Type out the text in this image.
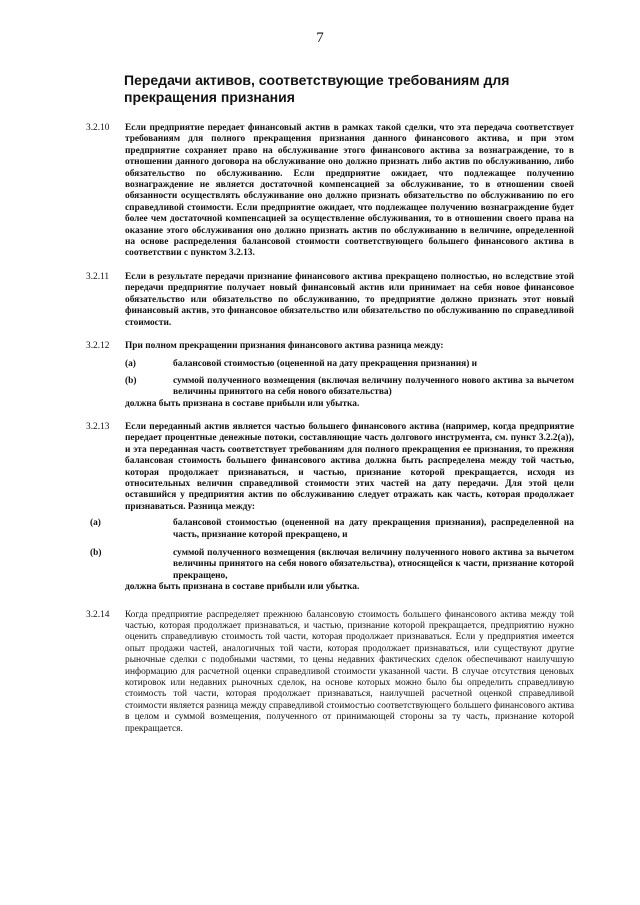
7
Передачи активов, соответствующие требованиям для прекращения признания
3.2.10	Если предприятие передает финансовый актив в рамках такой сделки, что эта передача соответствует требованиям для полного прекращения признания данного финансового актива, и при этом предприятие сохраняет право на обслуживание этого финансового актива за вознаграждение, то в отношении данного договора на обслуживание оно должно признать либо актив по обслуживанию, либо обязательство по обслуживанию. Если предприятие ожидает, что подлежащее получению вознаграждение не является достаточной компенсацией за обслуживание, то в отношении своей обязанности осуществлять обслуживание оно должно признать обязательство по обслуживанию по его справедливой стоимости. Если предприятие ожидает, что подлежащее получению вознаграждение будет более чем достаточной компенсацией за осуществление обслуживания, то в отношении своего права на оказание этого обслуживания оно должно признать актив по обслуживанию в величине, определенной на основе распределения балансовой стоимости соответствующего большего финансового актива в соответствии с пунктом 3.2.13.

3.2.11	Если в результате передачи признание финансового актива прекращено полностью, но вследствие этой передачи предприятие получает новый финансовый актив или принимает на себя новое финансовое обязательство или обязательство по обслуживанию, то предприятие должно признать этот новый финансовый актив, это финансовое обязательство или обязательство по обслуживанию по справедливой стоимости.

3.2.12	При полном прекращении признания финансового актива разница между:

(а)	балансовой стоимостью (оцененной на дату прекращения признания) и
(b)	суммой полученного возмещения (включая величину полученного нового актива за вычетом величины принятого на себя нового обязательства)

должна быть признана в составе прибыли или убытка.

3.2.13	Если переданный актив является частью большего финансового актива (например, когда предприятие передает процентные денежные потоки, составляющие часть долгового инструмента, см. пункт 3.2.2(а)), и эта переданная часть соответствует требованиям для полного прекращения ее признания, то прежняя балансовая стоимость большего финансового актива должна быть распределена между той частью, которая продолжает признаваться, и частью, признание которой прекращается, исходя из относительных величин справедливой стоимости этих частей на дату передачи. Для этой цели оставшийся у предприятия актив по обслуживанию следует отражать как часть, которая продолжает признаваться. Разница между:

(а)	балансовой стоимостью (оцененной на дату прекращения признания), распределенной на часть, признание которой прекращено, и
(b)	суммой полученного возмещения (включая величину полученного нового актива за вычетом величины принятого на себя нового обязательства), относящейся к части, признание которой прекращено,

должна быть признана в составе прибыли или убытка.

3.2.14	Когда предприятие распределяет прежнюю балансовую стоимость большего финансового актива между той частью, которая продолжает признаваться, и частью, признание которой прекращается, предприятию нужно оценить справедливую стоимость той части, которая продолжает признаваться. Если у предприятия имеется опыт продажи частей, аналогичных той части, которая продолжает признаваться, или существуют другие рыночные сделки с подобными частями, то цены недавних фактических сделок обеспечивают наилучшую информацию для расчетной оценки справедливой стоимости указанной части. В случае отсутствия ценовых котировок или недавних рыночных сделок, на основе которых можно было бы определить справедливую стоимость той части, которая продолжает признаваться, наилучшей расчетной оценкой справедливой стоимости является разница между справедливой стоимостью соответствующего большего финансового актива в целом и суммой возмещения, полученного от принимающей стороны за ту часть, признание которой прекращается.
